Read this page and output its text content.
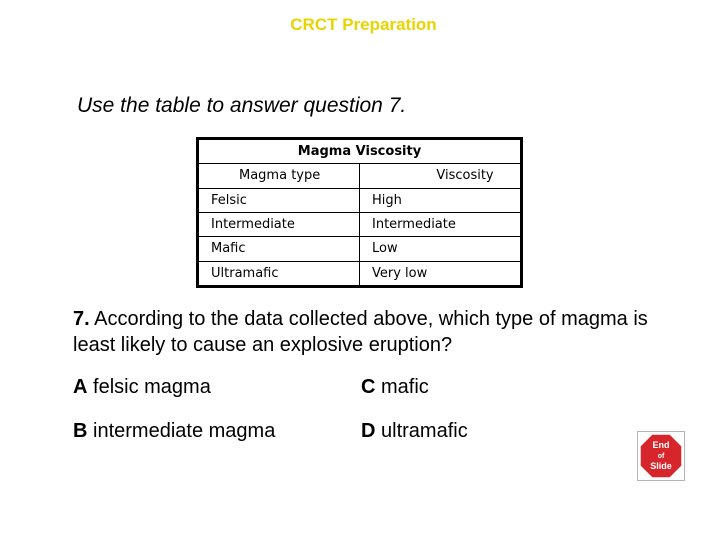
CRCT Preparation
Use the table to answer question 7.
Magma Viscosity	
Magma type	Viscosity
Felsic	High
Intermediate	Intermediate
Mafic	Low
Ultramafic	Very low
7. According to the data collected above, which type of magma is least likely to cause an explosive eruption?
A felsic magma
B intermediate magma
C mafic
D ultramafic
End
of
Slide
